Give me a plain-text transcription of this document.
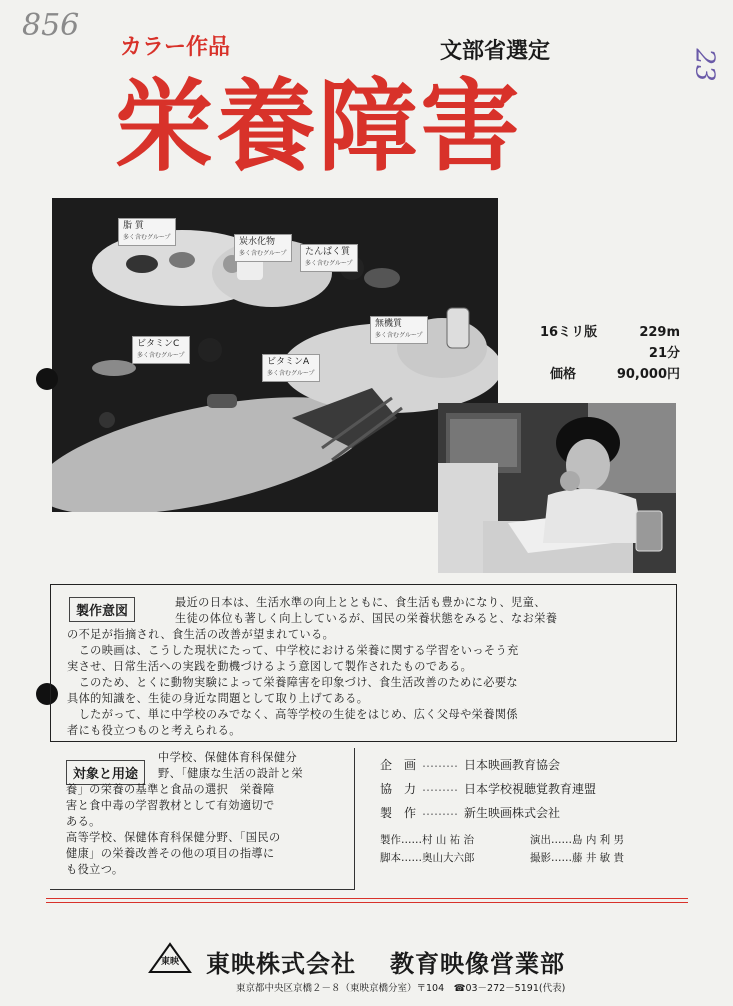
856
23
カラー作品	文部省選定
栄養障害
脂 質
多く含むグループ	炭水化物
多く含むグループ	たんぱく質
多く含むグループ
無機質
多く含むグループ
ビタミンC
多く含むグループ
ビタミンA
多く含むグループ
16ミリ版	229m
21分
価格	90,000円
製作意図
最近の日本は、生活水準の向上とともに、食生活も豊かになり、児童、
生徒の体位も著しく向上しているが、国民の栄養状態をみると、なお栄養
の不足が指摘され、食生活の改善が望まれている。
　この映画は、こうした現状にたって、中学校における栄養に関する学習をいっそう充
実させ、日常生活への実践を動機づけるよう意図して製作されたものである。
　このため、とくに動物実験によって栄養障害を印象づけ、食生活改善のために必要な
具体的知識を、生徒の身近な問題として取り上げてある。
　したがって、単に中学校のみでなく、高等学校の生徒をはじめ、広く父母や栄養関係
者にも役立つものと考えられる。
対象と用途
中学校、保健体育科保健分
野、「健康な生活の設計と栄
養」の栄養の基準と食品の選択　栄養障
害と食中毒の学習教材として有効適切で
ある。
高等学校、保健体育科保健分野、「国民の
健康」の栄養改善その他の項目の指導に
も役立つ。
企　画 ……… 日本映画教育協会
協　力 ……… 日本学校視聴覚教育連盟
製　作 ……… 新生映画株式会社
製作……村 山 祐 治	演出……島 内 利 男
脚本……奥山大六郎	撮影……藤 井 敏 貴
東映 東映株式会社 教育映像営業部
東京都中央区京橋２－８（東映京橋分室）〒104　☎03－272－5191(代表)
